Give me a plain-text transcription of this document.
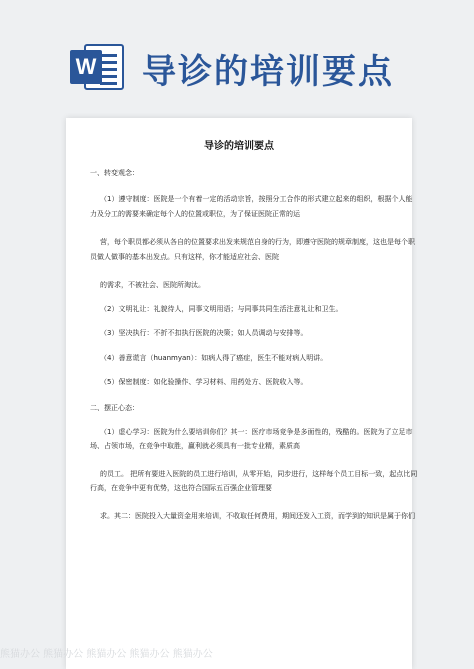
W 导诊的培训要点
导诊的培训要点
一、转变观念：
（1）遵守制度：医院是一个有着一定的活动宗旨，按照分工合作的形式建立起来的组织，根据个人能
力及分工的需要来确定每个人的位置或职位，为了保证医院正常的运
营，每个职员都必须从各自的位置要求出发来规范自身的行为，即遵守医院的规章制度，这也是每个职
员做人做事的基本出发点。只有这样，你才能适应社会、医院
的需求，不被社会、医院所淘汰。
（2）文明礼让：礼貌待人，同事文明用语；与同事共同生活注意礼让和卫生。
（3）坚决执行：不折不扣执行医院的决策；如人员调动与安排等。
（4）善意谎言（huanmyan）：如病人得了癌症，医生不能对病人明讲。
（5）保密制度：如化验操作、学习材料、用药处方、医院收入等。
二、摆正心态：
（1）虚心学习：医院为什么要培训你们？其一：医疗市场竞争是多面性的，残酷的。医院为了立足市
场、占领市场，在竞争中取胜，赢利就必须具有一批专业精，素质高
的员工。 把所有要进入医院的员工进行培训，从零开始，同步进行，这样每个员工目标一致，起点比同
行高，在竞争中更有优势，这也符合国际五百强企业管理要
求。其二：医院投入大量资金用来培训，不收取任何费用，期间还发入工资，而学到的知识是属于你们
熊猫办公 熊猫办公 熊猫办公 熊猫办公 熊猫办公
